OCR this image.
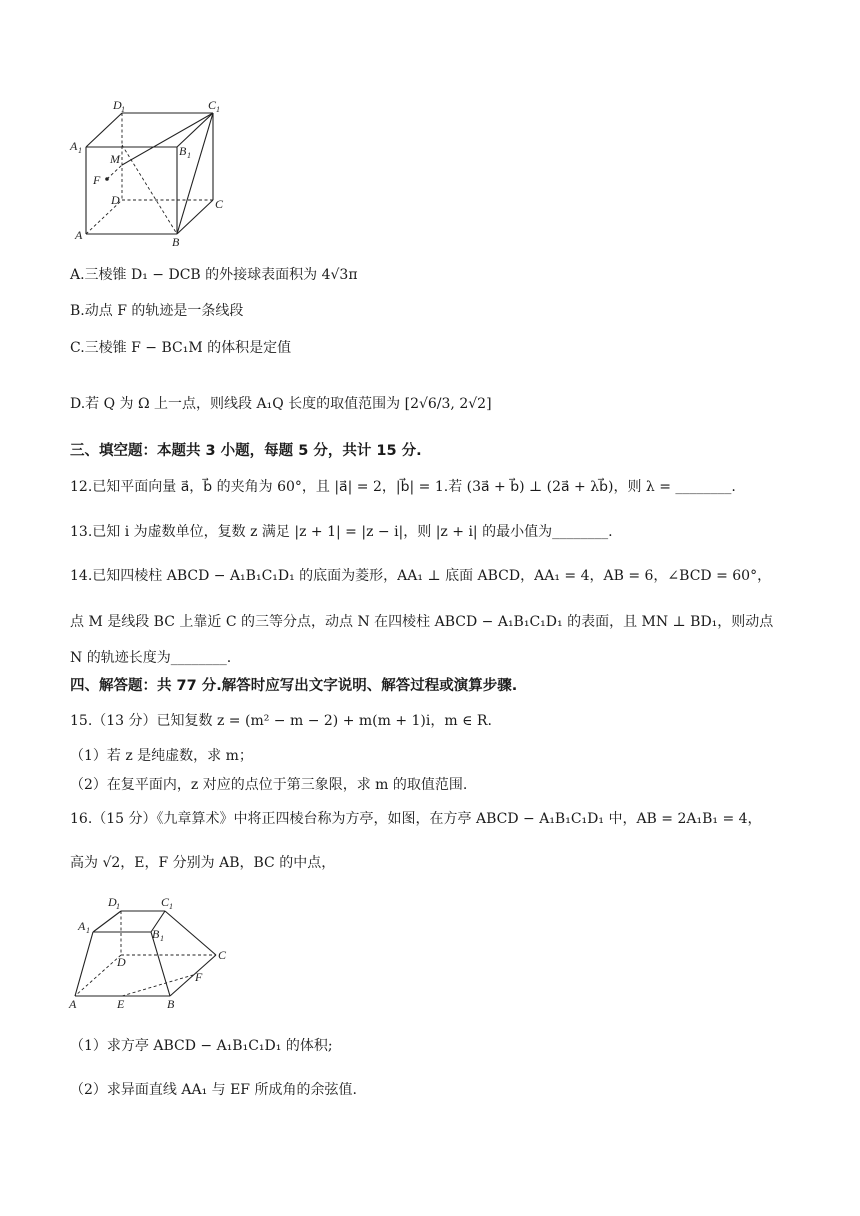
D 1	C 1
A 1	B 1
M
F
D	C
A	B
A.三棱锥 D₁ − DCB 的外接球表面积为 4√3π
B.动点 F 的轨迹是一条线段
C.三棱锥 F − BC₁M 的体积是定值
D.若 Q 为 Ω 上一点，则线段 A₁Q 长度的取值范围为 [2√6/3, 2√2]
三、填空题：本题共 3 小题，每题 5 分，共计 15 分.
12.已知平面向量 a⃗，b⃗ 的夹角为 60°，且 |a⃗| = 2，|b⃗| = 1.若 (3a⃗ + b⃗) ⊥ (2a⃗ + λb⃗)，则 λ = ________.
13.已知 i 为虚数单位，复数 z 满足 |z + 1| = |z − i|，则 |z + i| 的最小值为________.
14.已知四棱柱 ABCD − A₁B₁C₁D₁ 的底面为菱形，AA₁ ⊥ 底面 ABCD，AA₁ = 4，AB = 6，∠BCD = 60°，
点 M 是线段 BC 上靠近 C 的三等分点，动点 N 在四棱柱 ABCD − A₁B₁C₁D₁ 的表面，且 MN ⊥ BD₁，则动点
N 的轨迹长度为________.
四、解答题：共 77 分.解答时应写出文字说明、解答过程或演算步骤.
15.（13 分）已知复数 z = (m² − m − 2) + m(m + 1)i，m ∈ R.
（1）若 z 是纯虚数，求 m；
（2）在复平面内，z 对应的点位于第三象限，求 m 的取值范围.
16.（15 分）《九章算术》中将正四棱台称为方亭，如图，在方亭 ABCD − A₁B₁C₁D₁ 中，AB = 2A₁B₁ = 4，
高为 √2，E，F 分别为 AB，BC 的中点，
D 1	C 1
A 1	B 1
D	C
F
A	E	B
（1）求方亭 ABCD − A₁B₁C₁D₁ 的体积;
（2）求异面直线 AA₁ 与 EF 所成角的余弦值.
